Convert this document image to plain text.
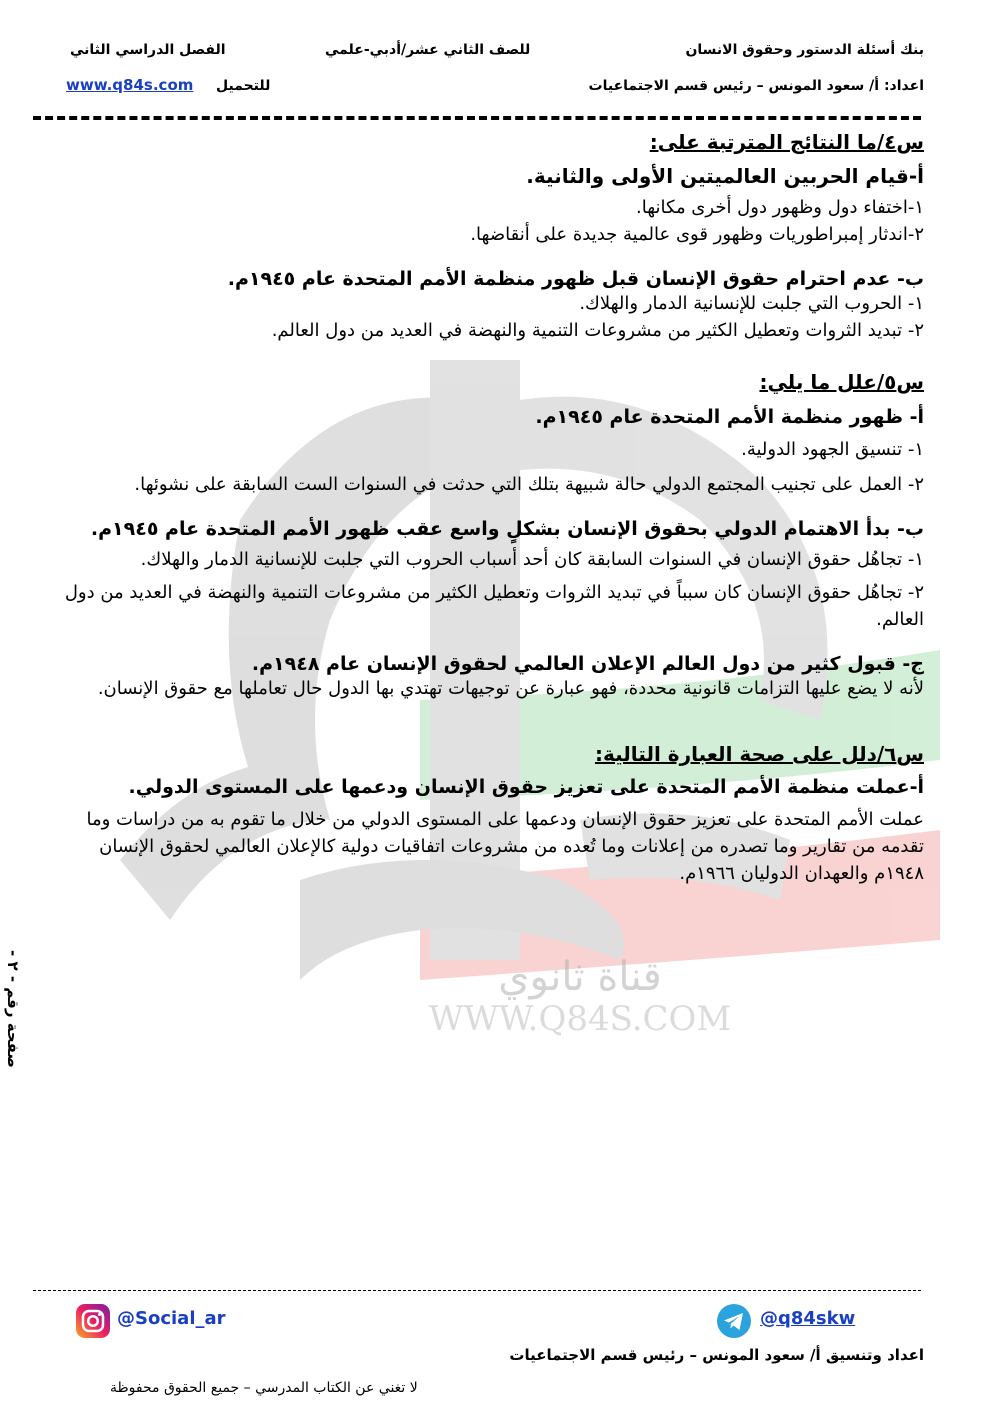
قناة ثانوي
WWW.Q84S.COM
بنك أسئلة الدستور وحقوق الانسان
للصف الثاني عشر/أدبي-علمي
الفصل الدراسي الثاني
اعداد: أ/ سعود المونس – رئيس قسم الاجتماعيات
للتحميل
www.q84s.com
س٤/ما النتائج المترتبة على:
أ-قيام الحربين العالميتين الأولى والثانية.
١-اختفاء دول وظهور دول أخرى مكانها.
٢-اندثار إمبراطوريات وظهور قوى عالمية جديدة على أنقاضها.
ب- عدم احترام حقوق الإنسان قبل ظهور منظمة الأمم المتحدة عام ١٩٤٥م.
١- الحروب التي جلبت للإنسانية الدمار والهلاك.
٢- تبديد الثروات وتعطيل الكثير من مشروعات التنمية والنهضة في العديد من دول العالم.
س٥/علل ما يلي:
أ- ظهور منظمة الأمم المتحدة عام ١٩٤٥م.
١- تنسيق الجهود الدولية.
٢- العمل على تجنيب المجتمع الدولي حالة شبيهة بتلك التي حدثت في السنوات الست السابقة على نشوئها.
ب- بدأ الاهتمام الدولي بحقوق الإنسان بشكلٍ واسع عقب ظهور الأمم المتحدة عام ١٩٤٥م.
١- تجاهُل حقوق الإنسان في السنوات السابقة كان أحد أسباب الحروب التي جلبت للإنسانية الدمار والهلاك.
٢- تجاهُل حقوق الإنسان كان سبباً في تبديد الثروات وتعطيل الكثير من مشروعات التنمية والنهضة في العديد من دول العالم.
ج- قبول كثير من دول العالم الإعلان العالمي لحقوق الإنسان عام ١٩٤٨م.
لأنه لا يضع عليها التزامات قانونية محددة، فهو عبارة عن توجيهات تهتدي بها الدول حال تعاملها مع حقوق الإنسان.
س٦/دلل على صحة العبارة التالية:
أ-عملت منظمة الأمم المتحدة على تعزيز حقوق الإنسان ودعمها على المستوى الدولي.
عملت الأمم المتحدة على تعزيز حقوق الإنسان ودعمها على المستوى الدولي من خلال ما تقوم به من دراسات وما تقدمه من تقارير وما تصدره من إعلانات وما تُعده من مشروعات اتفاقيات دولية كالإعلان العالمي لحقوق الإنسان ١٩٤٨م والعهدان الدوليان ١٩٦٦م.
صفحة رقم - ٢ -
@q84skw
@Social_ar
اعداد وتنسيق أ/ سعود المونس – رئيس قسم الاجتماعيات
لا تغني عن الكتاب المدرسي – جميع الحقوق محفوظة
